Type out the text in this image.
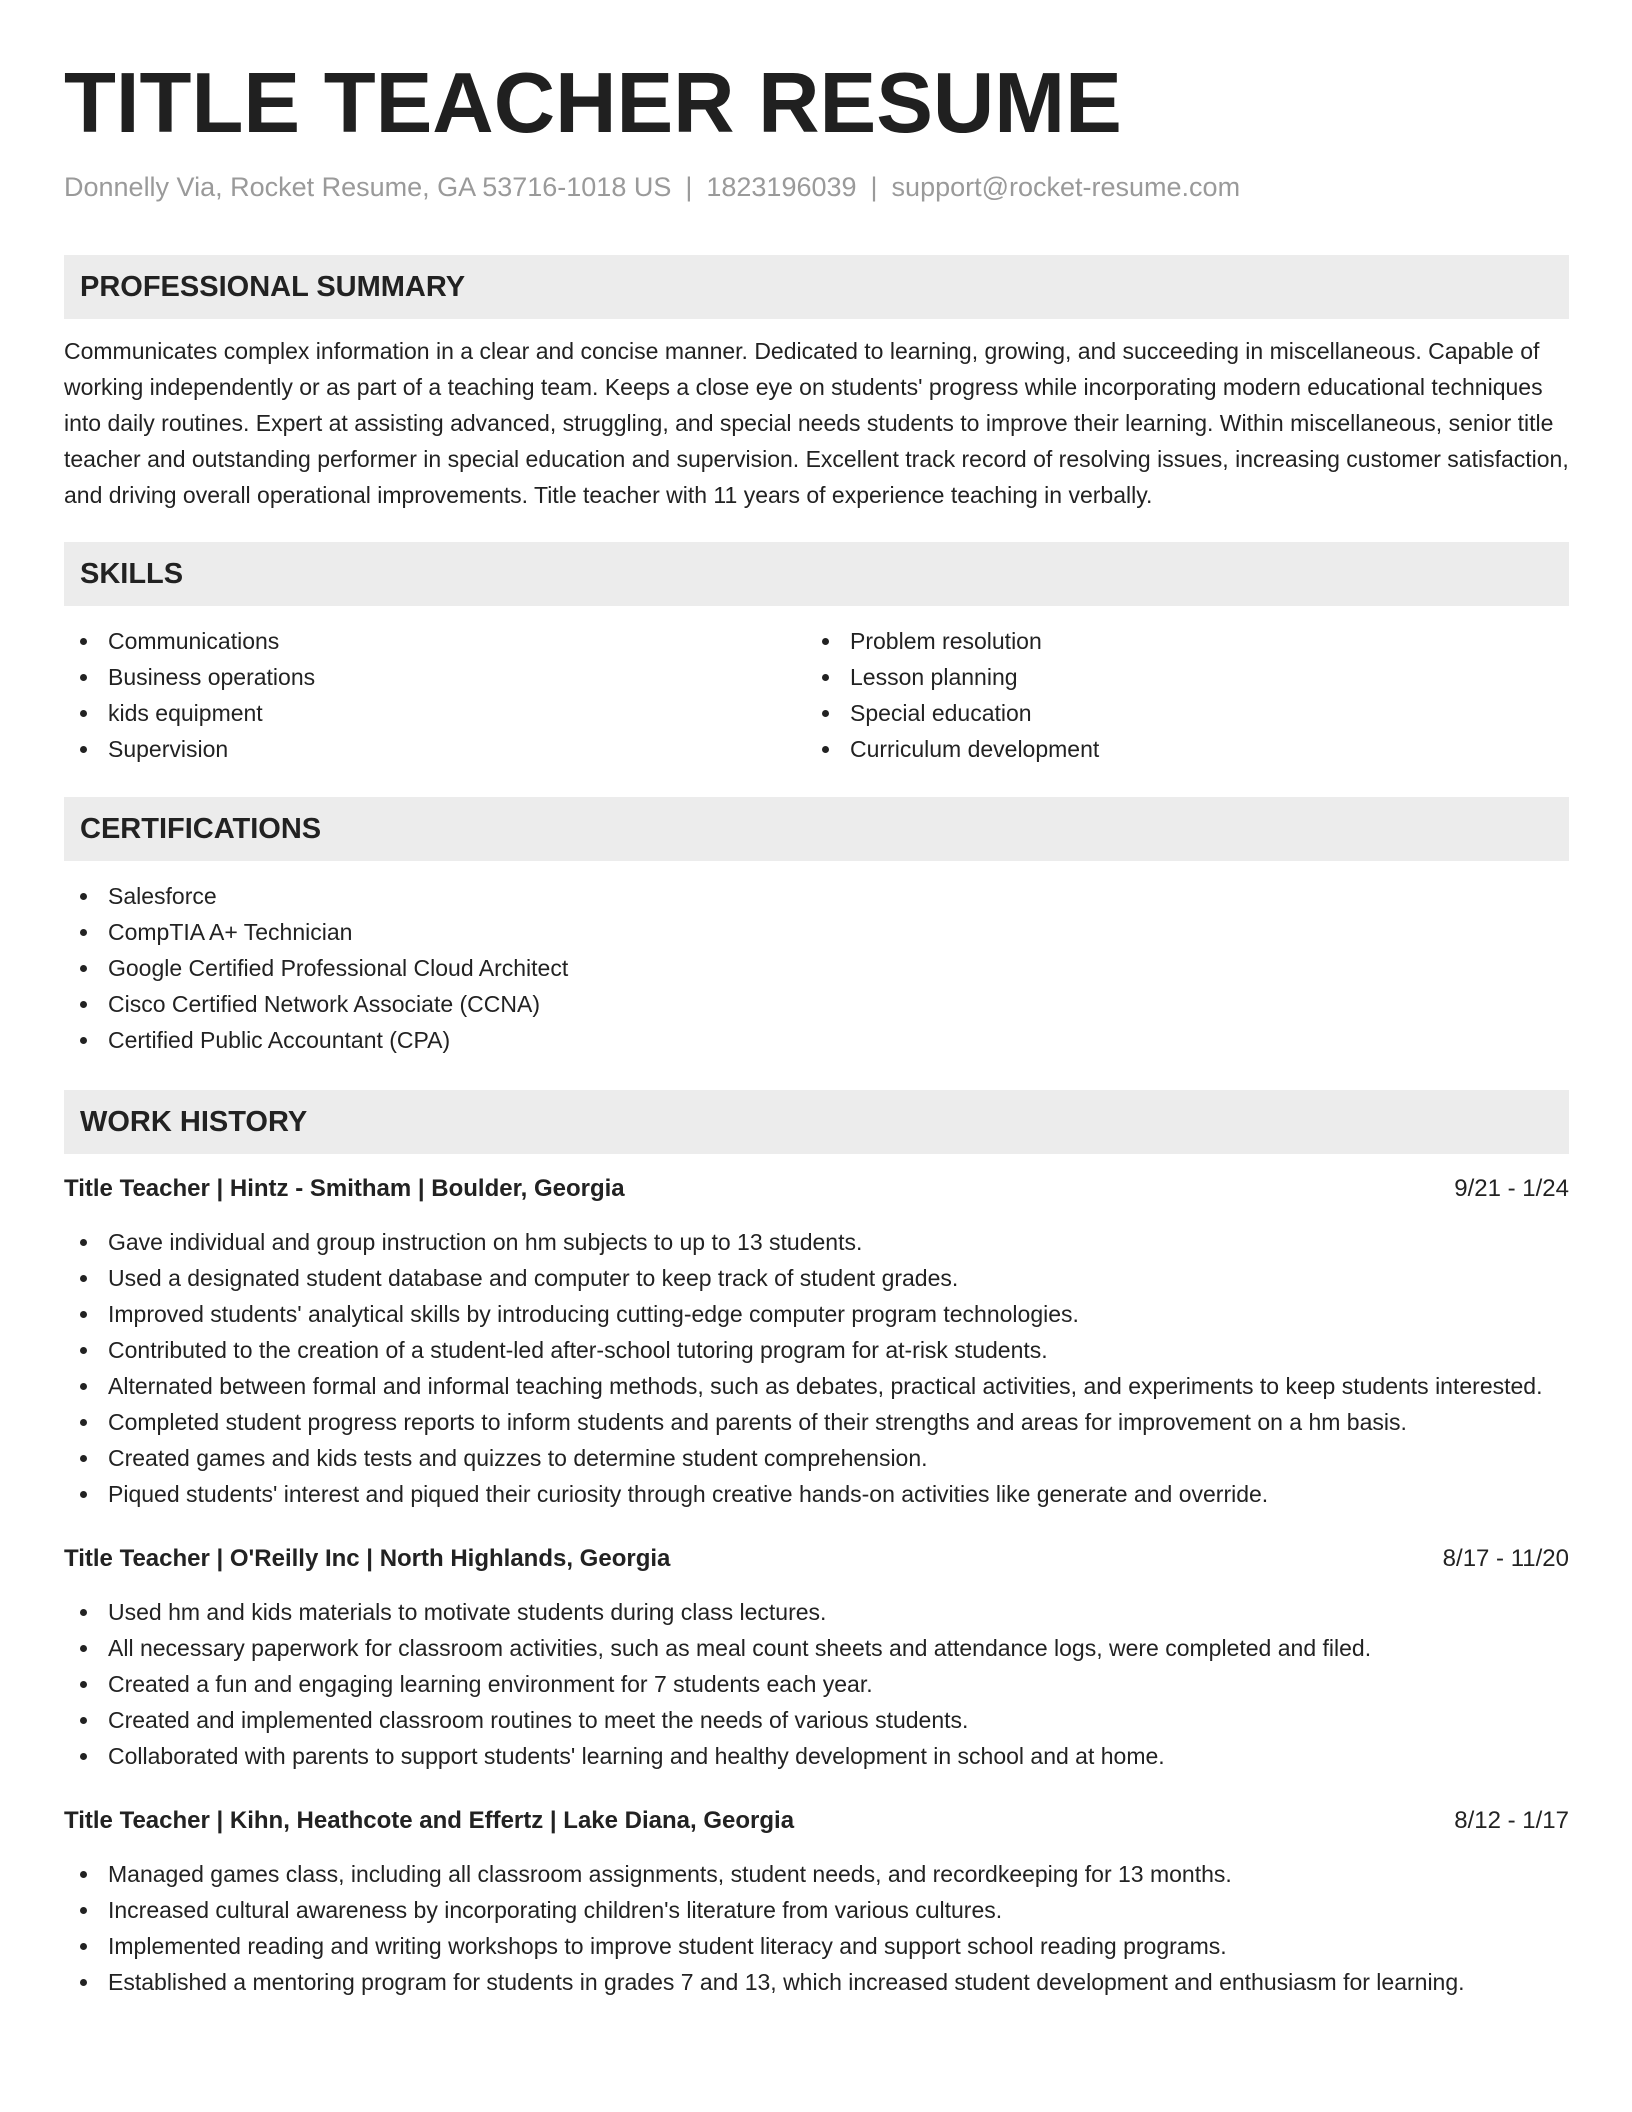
TITLE TEACHER RESUME
Donnelly Via, Rocket Resume, GA 53716-1018 US | 1823196039 | support@rocket-resume.com
PROFESSIONAL SUMMARY

Communicates complex information in a clear and concise manner. Dedicated to learning, growing, and succeeding in miscellaneous. Capable of working independently or as part of a teaching team. Keeps a close eye on students' progress while incorporating modern educational techniques into daily routines. Expert at assisting advanced, struggling, and special needs students to improve their learning. Within miscellaneous, senior title teacher and outstanding performer in special education and supervision. Excellent track record of resolving issues, increasing customer satisfaction, and driving overall operational improvements. Title teacher with 11 years of experience teaching in verbally.

SKILLS
Communications
Business operations
kids equipment
Supervision
Problem resolution
Lesson planning
Special education
Curriculum development
CERTIFICATIONS
Salesforce
CompTIA A+ Technician
Google Certified Professional Cloud Architect
Cisco Certified Network Associate (CCNA)
Certified Public Accountant (CPA)
WORK HISTORY
Title Teacher | Hintz - Smitham | Boulder, Georgia	9/21 - 1/24
Gave individual and group instruction on hm subjects to up to 13 students.
Used a designated student database and computer to keep track of student grades.
Improved students' analytical skills by introducing cutting-edge computer program technologies.
Contributed to the creation of a student-led after-school tutoring program for at-risk students.
Alternated between formal and informal teaching methods, such as debates, practical activities, and experiments to keep students interested.
Completed student progress reports to inform students and parents of their strengths and areas for improvement on a hm basis.
Created games and kids tests and quizzes to determine student comprehension.
Piqued students' interest and piqued their curiosity through creative hands-on activities like generate and override.
Title Teacher | O'Reilly Inc | North Highlands, Georgia	8/17 - 11/20
Used hm and kids materials to motivate students during class lectures.
All necessary paperwork for classroom activities, such as meal count sheets and attendance logs, were completed and filed.
Created a fun and engaging learning environment for 7 students each year.
Created and implemented classroom routines to meet the needs of various students.
Collaborated with parents to support students' learning and healthy development in school and at home.
Title Teacher | Kihn, Heathcote and Effertz | Lake Diana, Georgia	8/12 - 1/17
Managed games class, including all classroom assignments, student needs, and recordkeeping for 13 months.
Increased cultural awareness by incorporating children's literature from various cultures.
Implemented reading and writing workshops to improve student literacy and support school reading programs.
Established a mentoring program for students in grades 7 and 13, which increased student development and enthusiasm for learning.
